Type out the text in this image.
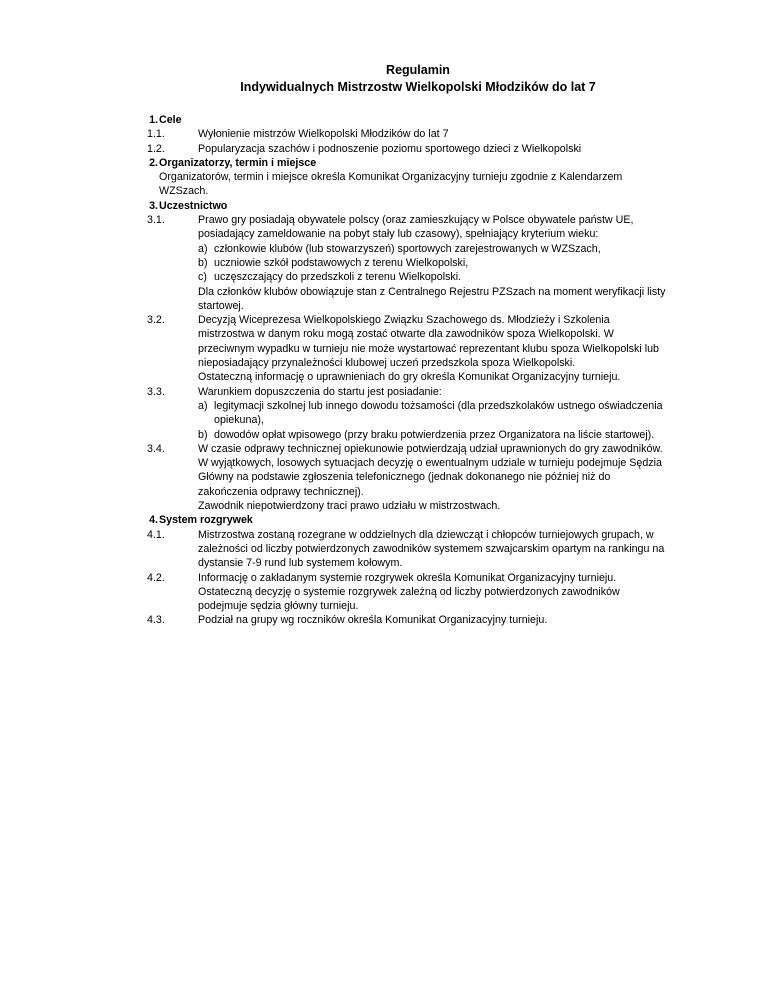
Regulamin
Indywidualnych Mistrzostw Wielkopolski Młodzików do lat 7
1. Cele
1.1.	Wyłonienie mistrzów Wielkopolski Młodzików do lat 7
1.2.	Popularyzacja szachów i podnoszenie poziomu sportowego dzieci z Wielkopolski
2. Organizatorzy, termin i miejsce
Organizatorów, termin i miejsce określa Komunikat Organizacyjny turnieju zgodnie z Kalendarzem WZSzach.
3. Uczestnictwo
3.1.	Prawo gry posiadają obywatele polscy (oraz zamieszkujący w Polsce obywatele państw UE, posiadający zameldowanie na pobyt stały lub czasowy), spełniający kryterium wieku:
a) członkowie klubów (lub stowarzyszeń) sportowych zarejestrowanych w WZSzach,
b) uczniowie szkół podstawowych z terenu Wielkopolski,
c) uczęszczający do przedszkoli z terenu Wielkopolski.
Dla członków klubów obowiązuje stan z Centralnego Rejestru PZSzach na moment weryfikacji listy startowej.
3.2.	Decyzją Wiceprezesa Wielkopolskiego Związku Szachowego ds. Młodzieży i Szkolenia mistrzostwa w danym roku mogą zostać otwarte dla zawodników spoza Wielkopolski. W przeciwnym wypadku w turnieju nie może wystartować reprezentant klubu spoza Wielkopolski lub nieposiadający przynależności klubowej uczeń przedszkola spoza Wielkopolski.
Ostateczną informację o uprawnieniach do gry określa Komunikat Organizacyjny turnieju.
3.3.	Warunkiem dopuszczenia do startu jest posiadanie:
a) legitymacji szkolnej lub innego dowodu tożsamości (dla przedszkolaków ustnego oświadczenia opiekuna),
b) dowodów opłat wpisowego (przy braku potwierdzenia przez Organizatora na liście startowej).
3.4.	W czasie odprawy technicznej opiekunowie potwierdzają udział uprawnionych do gry zawodników.
W wyjątkowych, losowych sytuacjach decyzję o ewentualnym udziale w turnieju podejmuje Sędzia Główny na podstawie zgłoszenia telefonicznego (jednak dokonanego nie później niż do zakończenia odprawy technicznej).
Zawodnik niepotwierdzony traci prawo udziału w mistrzostwach.
4. System rozgrywek
4.1.	Mistrzostwa zostaną rozegrane w oddzielnych dla dziewcząt i chłopców turniejowych grupach, w zależności od liczby potwierdzonych zawodników systemem szwajcarskim opartym na rankingu na dystansie 7-9 rund lub systemem kołowym.
4.2.	Informację o zakładanym systemie rozgrywek określa Komunikat Organizacyjny turnieju.
Ostateczną decyzję o systemie rozgrywek zależną od liczby potwierdzonych zawodników podejmuje sędzia główny turnieju.
4.3.	Podział na grupy wg roczników określa Komunikat Organizacyjny turnieju.
